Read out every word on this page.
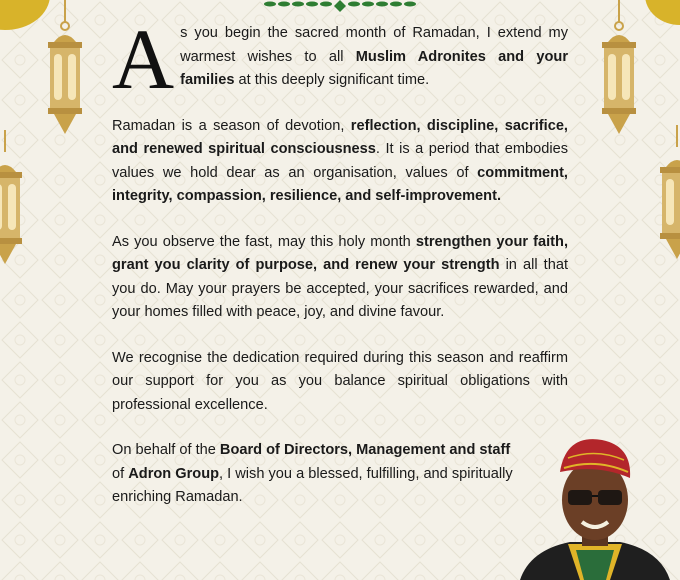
As you begin the sacred month of Ramadan, I extend my warmest wishes to all Muslim Adronites and your families at this deeply significant time.

Ramadan is a season of devotion, reflection, discipline, sacrifice, and renewed spiritual consciousness. It is a period that embodies values we hold dear as an organisation, values of commitment, integrity, compassion, resilience, and self-improvement.

As you observe the fast, may this holy month strengthen your faith, grant you clarity of purpose, and renew your strength in all that you do. May your prayers be accepted, your sacrifices rewarded, and your homes filled with peace, joy, and divine favour.

We recognise the dedication required during this season and reaffirm our support for you as you balance spiritual obligations with professional excellence.

On behalf of the Board of Directors, Management and staff of Adron Group, I wish you a blessed, fulfilling, and spiritually enriching Ramadan.
